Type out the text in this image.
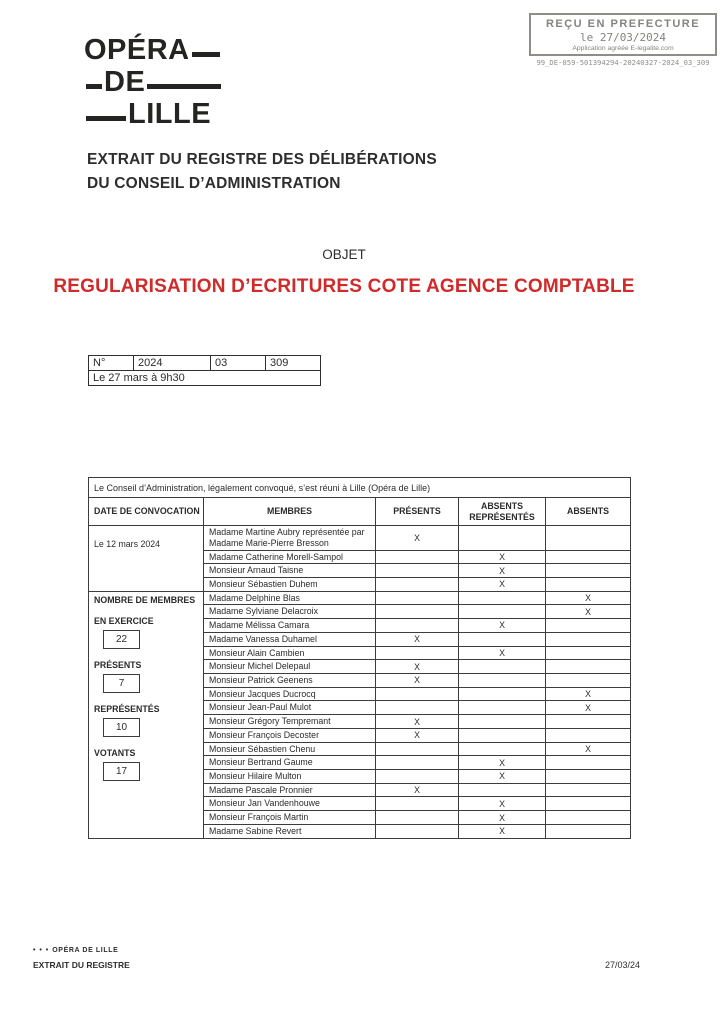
OPÉRA
DE
LILLE
REÇU EN PREFECTURE
le 27/03/2024
Application agréée E-legalite.com
99_DE-059-501394294-20240327-2024_03_309
EXTRAIT DU REGISTRE DES DÉLIBÉRATIONS
DU CONSEIL D’ADMINISTRATION
OBJET
REGULARISATION D’ECRITURES COTE AGENCE COMPTABLE
N°	2024	03	309
Le 27 mars à 9h30
Le Conseil d’Administration, légalement convoqué, s’est réuni à Lille (Opéra de Lille)				
DATE DE CONVOCATION	MEMBRES	PRÉSENTS	ABSENTS REPRÉSENTÉS	ABSENTS
Le 12 mars 2024	Madame Martine Aubry représentée par Madame Marie-Pierre Bresson	X		
	Madame Catherine Morell-Sampol		X	
	Monsieur Arnaud Taisne		X	
	Monsieur Sébastien Duhem		X	

NOMBRE DE MEMBRES
EN EXERCICE
22
PRÉSENTS
7
REPRÉSENTÉS
10
VOTANTS
17
	Madame Delphine Blas			X
	Madame Sylviane Delacroix			X
	Madame Mélissa Camara		X	
	Madame Vanessa Duhamel	X		
	Monsieur Alain Cambien		X	
	Monsieur Michel Delepaul	X		
	Monsieur Patrick Geenens	X		
	Monsieur Jacques Ducrocq			X
	Monsieur Jean-Paul Mulot			X
	Monsieur Grégory Tempremant	X		
	Monsieur François Decoster	X		
	Monsieur Sébastien Chenu			X
	Monsieur Bertrand Gaume		X	
	Monsieur Hilaire Multon		X	
	Madame Pascale Pronnier	X		
	Monsieur Jan Vandenhouwe		X	
	Monsieur François Martin		X	
	Madame Sabine Revert		X	
• • • OPÉRA DE LILLE
EXTRAIT DU REGISTRE	27/03/24
